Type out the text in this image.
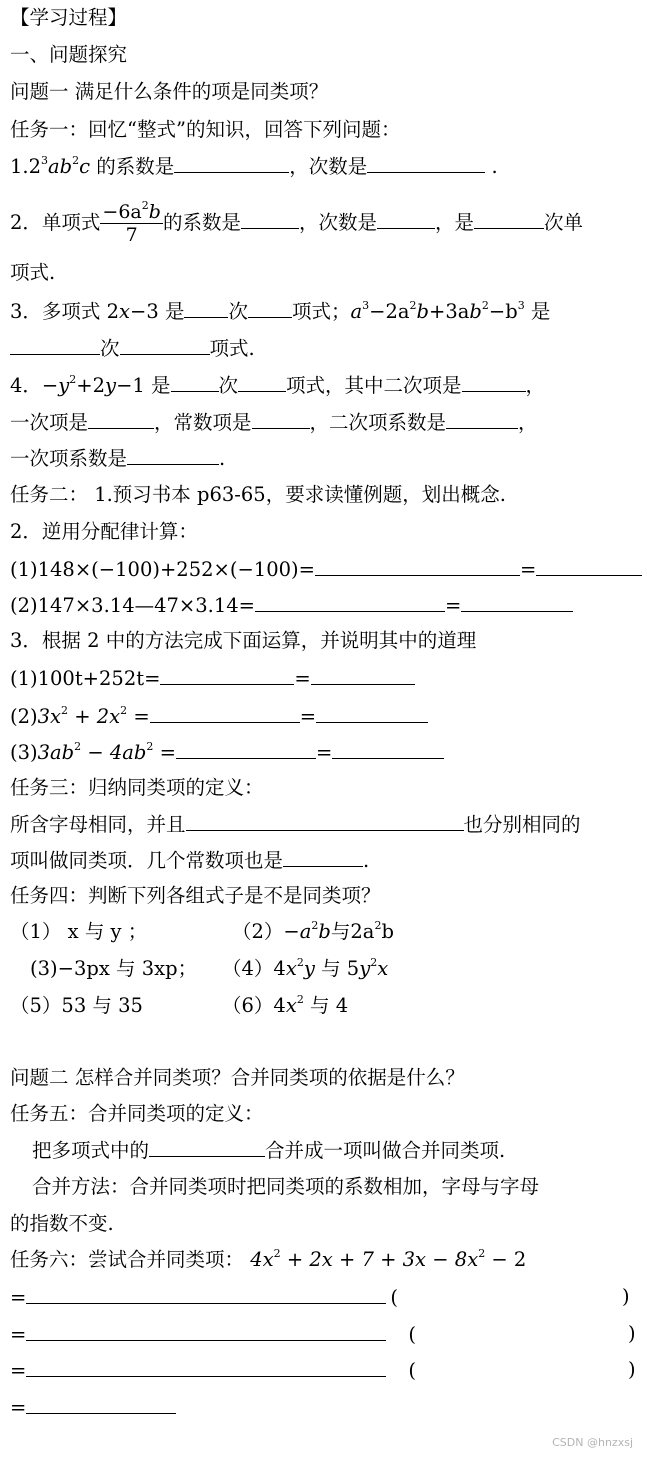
【学习过程】
一、问题探究
问题一 满足什么条件的项是同类项？
任务一：回忆“整式”的知识，回答下列问题：
$1.2^3ab^2c$ 的系数是	，次数是	.
2．单项式 $\frac{-6a^2b}{7}$ 的系数是	，次数是	，是	次单
项式.
3．多项式 2x−3 是 次 项式；$a^3-2a^2b+3ab^2-b^3$ 是
次	项式.
4．$-y^2+2y-1$ 是 次 项式，其中二次项是	，
一次项是	，常数项是	，二次项系数是	，
一次项系数是	.
任务二： 1.预习书本 p63-65，要求读懂例题，划出概念.
2．逆用分配律计算：
(1)148×(−100)+252×(−100)=	=
(2)147×3.14—47×3.14=	=
3．根据 2 中的方法完成下面运算，并说明其中的道理
(1)100t+252t=	=
$(2)3x^2 + 2x^2$ =	=
$(3)3ab^2 - 4ab^2$ =	=
任务三：归纳同类项的定义：
所含字母相同，并且	也分别相同的
项叫做同类项．几个常数项也是	.
任务四：判断下列各组式子是不是同类项？
（1） x 与 y ；	$(2)-a^2b$与$2a^2b$
(3)−3px 与 3xp； $(4)4x^2y$ 与 $5y^2x$
（5）53 与 35	$(6)4x^2$ 与 4
问题二 怎样合并同类项？合并同类项的依据是什么？
任务五：合并同类项的定义：
把多项式中的	合并成一项叫做合并同类项.
合并方法：合并同类项时把同类项的系数相加，字母与字母
的指数不变.
任务六：尝试合并同类项： $4x^2 + 2x + 7 + 3x - 8x^2 - 2$
=	(	)
=	(	)
=	(	)
=
CSDN @hnzxsj
